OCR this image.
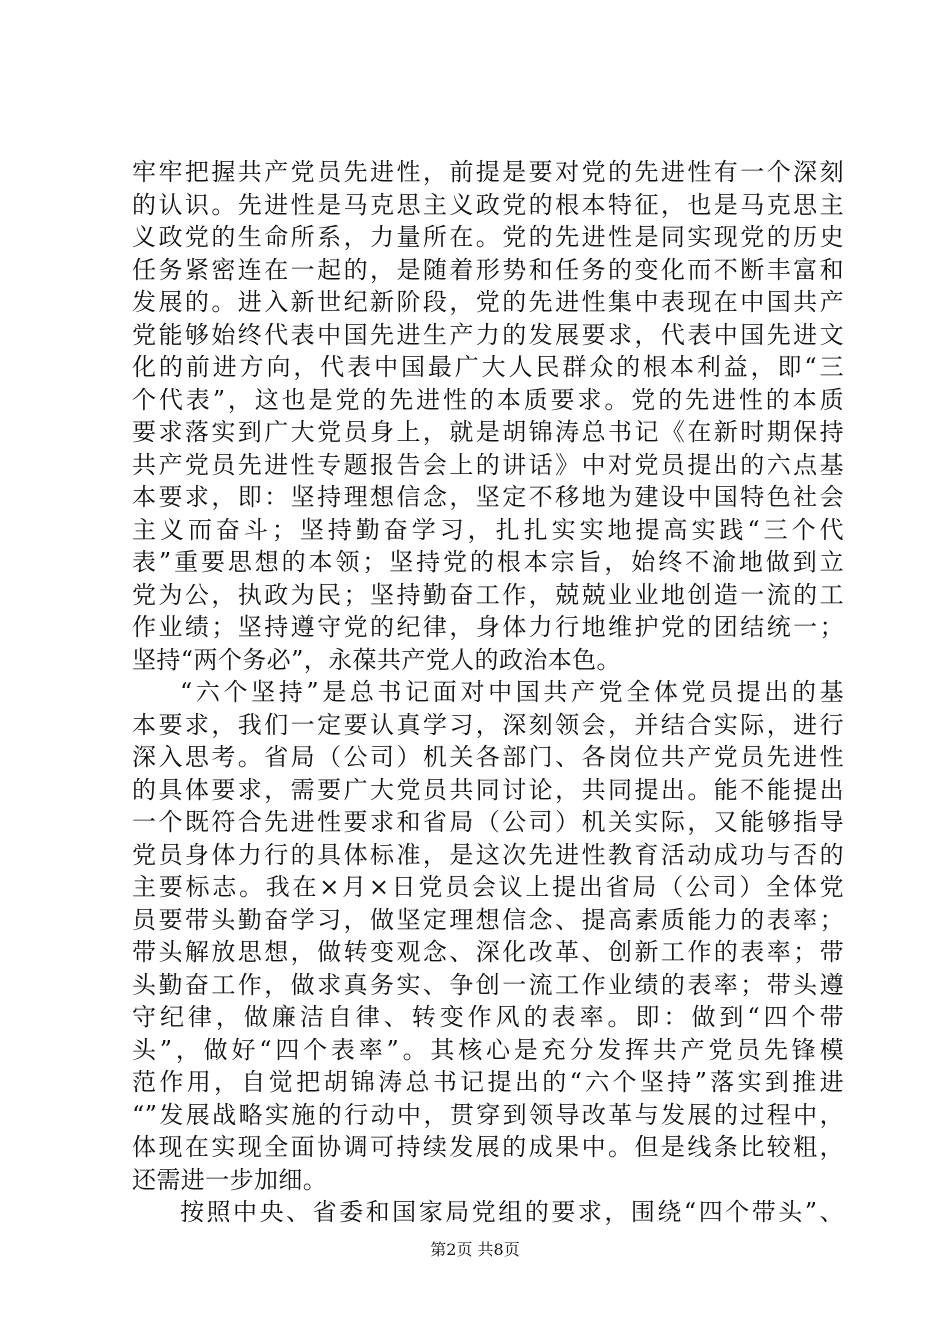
牢牢把握共产党员先进性，前提是要对党的先进性有一个深刻
的认识。先进性是马克思主义政党的根本特征，也是马克思主
义政党的生命所系，力量所在。党的先进性是同实现党的历史
任务紧密连在一起的，是随着形势和任务的变化而不断丰富和
发展的。进入新世纪新阶段，党的先进性集中表现在中国共产
党能够始终代表中国先进生产力的发展要求，代表中国先进文
化的前进方向，代表中国最广大人民群众的根本利益，即“三
个代表”，这也是党的先进性的本质要求。党的先进性的本质
要求落实到广大党员身上，就是胡锦涛总书记《在新时期保持
共产党员先进性专题报告会上的讲话》中对党员提出的六点基
本要求，即：坚持理想信念，坚定不移地为建设中国特色社会
主义而奋斗；坚持勤奋学习，扎扎实实地提高实践“三个代
表”重要思想的本领；坚持党的根本宗旨，始终不渝地做到立
党为公，执政为民；坚持勤奋工作，兢兢业业地创造一流的工
作业绩；坚持遵守党的纪律，身体力行地维护党的团结统一；
坚持“两个务必”，永葆共产党人的政治本色。
“六个坚持”是总书记面对中国共产党全体党员提出的基
本要求，我们一定要认真学习，深刻领会，并结合实际，进行
深入思考。省局（公司）机关各部门、各岗位共产党员先进性
的具体要求，需要广大党员共同讨论，共同提出。能不能提出
一个既符合先进性要求和省局（公司）机关实际，又能够指导
党员身体力行的具体标准，是这次先进性教育活动成功与否的
主要标志。我在×月×日党员会议上提出省局（公司）全体党
员要带头勤奋学习，做坚定理想信念、提高素质能力的表率；
带头解放思想，做转变观念、深化改革、创新工作的表率；带
头勤奋工作，做求真务实、争创一流工作业绩的表率；带头遵
守纪律，做廉洁自律、转变作风的表率。即：做到“四个带
头”，做好“四个表率”。其核心是充分发挥共产党员先锋模
范作用，自觉把胡锦涛总书记提出的“六个坚持”落实到推进
“”发展战略实施的行动中，贯穿到领导改革与发展的过程中，
体现在实现全面协调可持续发展的成果中。但是线条比较粗，
还需进一步加细。
按照中央、省委和国家局党组的要求，围绕“四个带头”、
第2页 共8页
